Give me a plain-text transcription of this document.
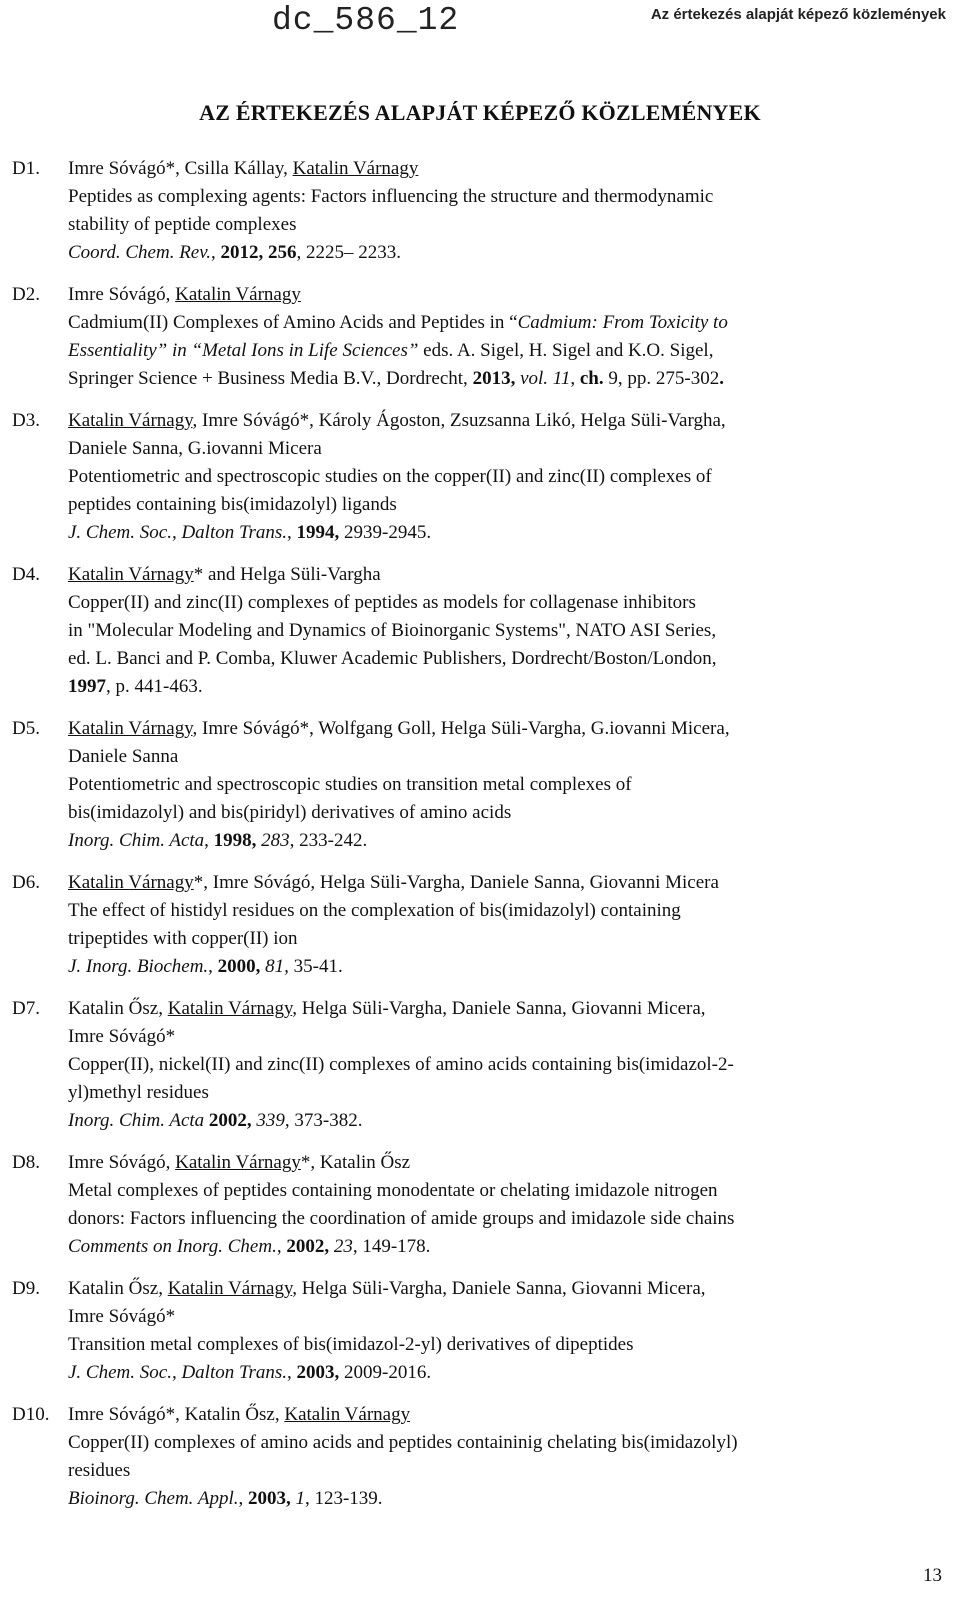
dc_586_12	Az értekezés alapját képező közlemények
AZ ÉRTEKEZÉS ALAPJÁT KÉPEZŐ KÖZLEMÉNYEK
D1. Imre Sóvágó*, Csilla Kállay, Katalin Várnagy
Peptides as complexing agents: Factors influencing the structure and thermodynamic
stability of peptide complexes
Coord. Chem. Rev., 2012, 256, 2225– 2233.
D2. Imre Sóvágó, Katalin Várnagy
Cadmium(II) Complexes of Amino Acids and Peptides in “Cadmium: From Toxicity to
Essentiality” in “Metal Ions in Life Sciences” eds. A. Sigel, H. Sigel and K.O. Sigel,
Springer Science + Business Media B.V., Dordrecht, 2013, vol. 11, ch. 9, pp. 275-302.
D3. Katalin Várnagy, Imre Sóvágó*, Károly Ágoston, Zsuzsanna Likó, Helga Süli-Vargha,
Daniele Sanna, G.iovanni Micera
Potentiometric and spectroscopic studies on the copper(II) and zinc(II) complexes of
peptides containing bis(imidazolyl) ligands
J. Chem. Soc., Dalton Trans., 1994, 2939-2945.
D4. Katalin Várnagy* and Helga Süli-Vargha
Copper(II) and zinc(II) complexes of peptides as models for collagenase inhibitors
in "Molecular Modeling and Dynamics of Bioinorganic Systems", NATO ASI Series,
ed. L. Banci and P. Comba, Kluwer Academic Publishers, Dordrecht/Boston/London,
1997, p. 441-463.
D5. Katalin Várnagy, Imre Sóvágó*, Wolfgang Goll, Helga Süli-Vargha, G.iovanni Micera,
Daniele Sanna
Potentiometric and spectroscopic studies on transition metal complexes of
bis(imidazolyl) and bis(piridyl) derivatives of amino acids
Inorg. Chim. Acta, 1998, 283, 233-242.
D6. Katalin Várnagy*, Imre Sóvágó, Helga Süli-Vargha, Daniele Sanna, Giovanni Micera
The effect of histidyl residues on the complexation of bis(imidazolyl) containing
tripeptides with copper(II) ion
J. Inorg. Biochem., 2000, 81, 35-41.
D7. Katalin Ősz, Katalin Várnagy, Helga Süli-Vargha, Daniele Sanna, Giovanni Micera,
Imre Sóvágó*
Copper(II), nickel(II) and zinc(II) complexes of amino acids containing bis(imidazol-2-
yl)methyl residues
Inorg. Chim. Acta 2002, 339, 373-382.
D8. Imre Sóvágó, Katalin Várnagy*, Katalin Ősz
Metal complexes of peptides containing monodentate or chelating imidazole nitrogen
donors: Factors influencing the coordination of amide groups and imidazole side chains
Comments on Inorg. Chem., 2002, 23, 149-178.
D9. Katalin Ősz, Katalin Várnagy, Helga Süli-Vargha, Daniele Sanna, Giovanni Micera,
Imre Sóvágó*
Transition metal complexes of bis(imidazol-2-yl) derivatives of dipeptides
J. Chem. Soc., Dalton Trans., 2003, 2009-2016.
D10. Imre Sóvágó*, Katalin Ősz, Katalin Várnagy
Copper(II) complexes of amino acids and peptides containinig chelating bis(imidazolyl)
residues
Bioinorg. Chem. Appl., 2003, 1, 123-139.
13
